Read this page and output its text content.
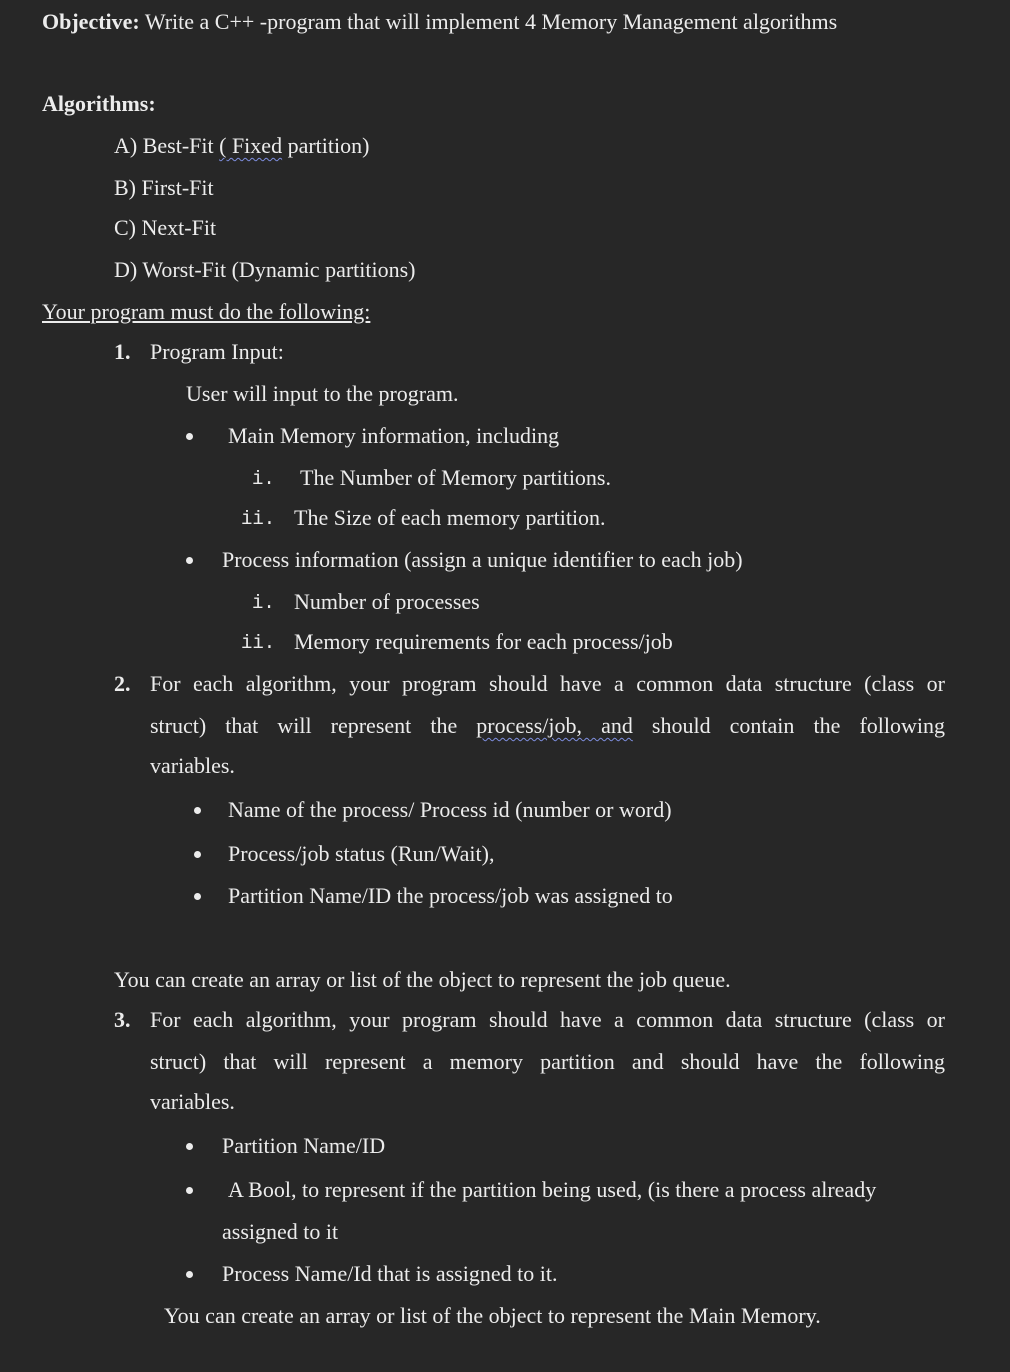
Objective: Write a C++ -program that will implement 4 Memory Management algorithms
Algorithms:
A) Best-Fit ( Fixed partition)
B) First-Fit
C) Next-Fit
D) Worst-Fit (Dynamic partitions)
Your program must do the following:
1. Program Input:
User will input to the program.
Main Memory information, including
i. The Number of Memory partitions.
ii. The Size of each memory partition.
Process information (assign a unique identifier to each job)
i. Number of processes
ii. Memory requirements for each process/job
2. For each algorithm, your program should have a common data structure (class or
struct) that will represent the process/job, and should contain the following
variables.
Name of the process/ Process id (number or word)
Process/job status (Run/Wait),
Partition Name/ID the process/job was assigned to
You can create an array or list of the object to represent the job queue.
3. For each algorithm, your program should have a common data structure (class or
struct) that will represent a memory partition and should have the following
variables.
Partition Name/ID
A Bool, to represent if the partition being used, (is there a process already
assigned to it
Process Name/Id that is assigned to it.
You can create an array or list of the object to represent the Main Memory.
